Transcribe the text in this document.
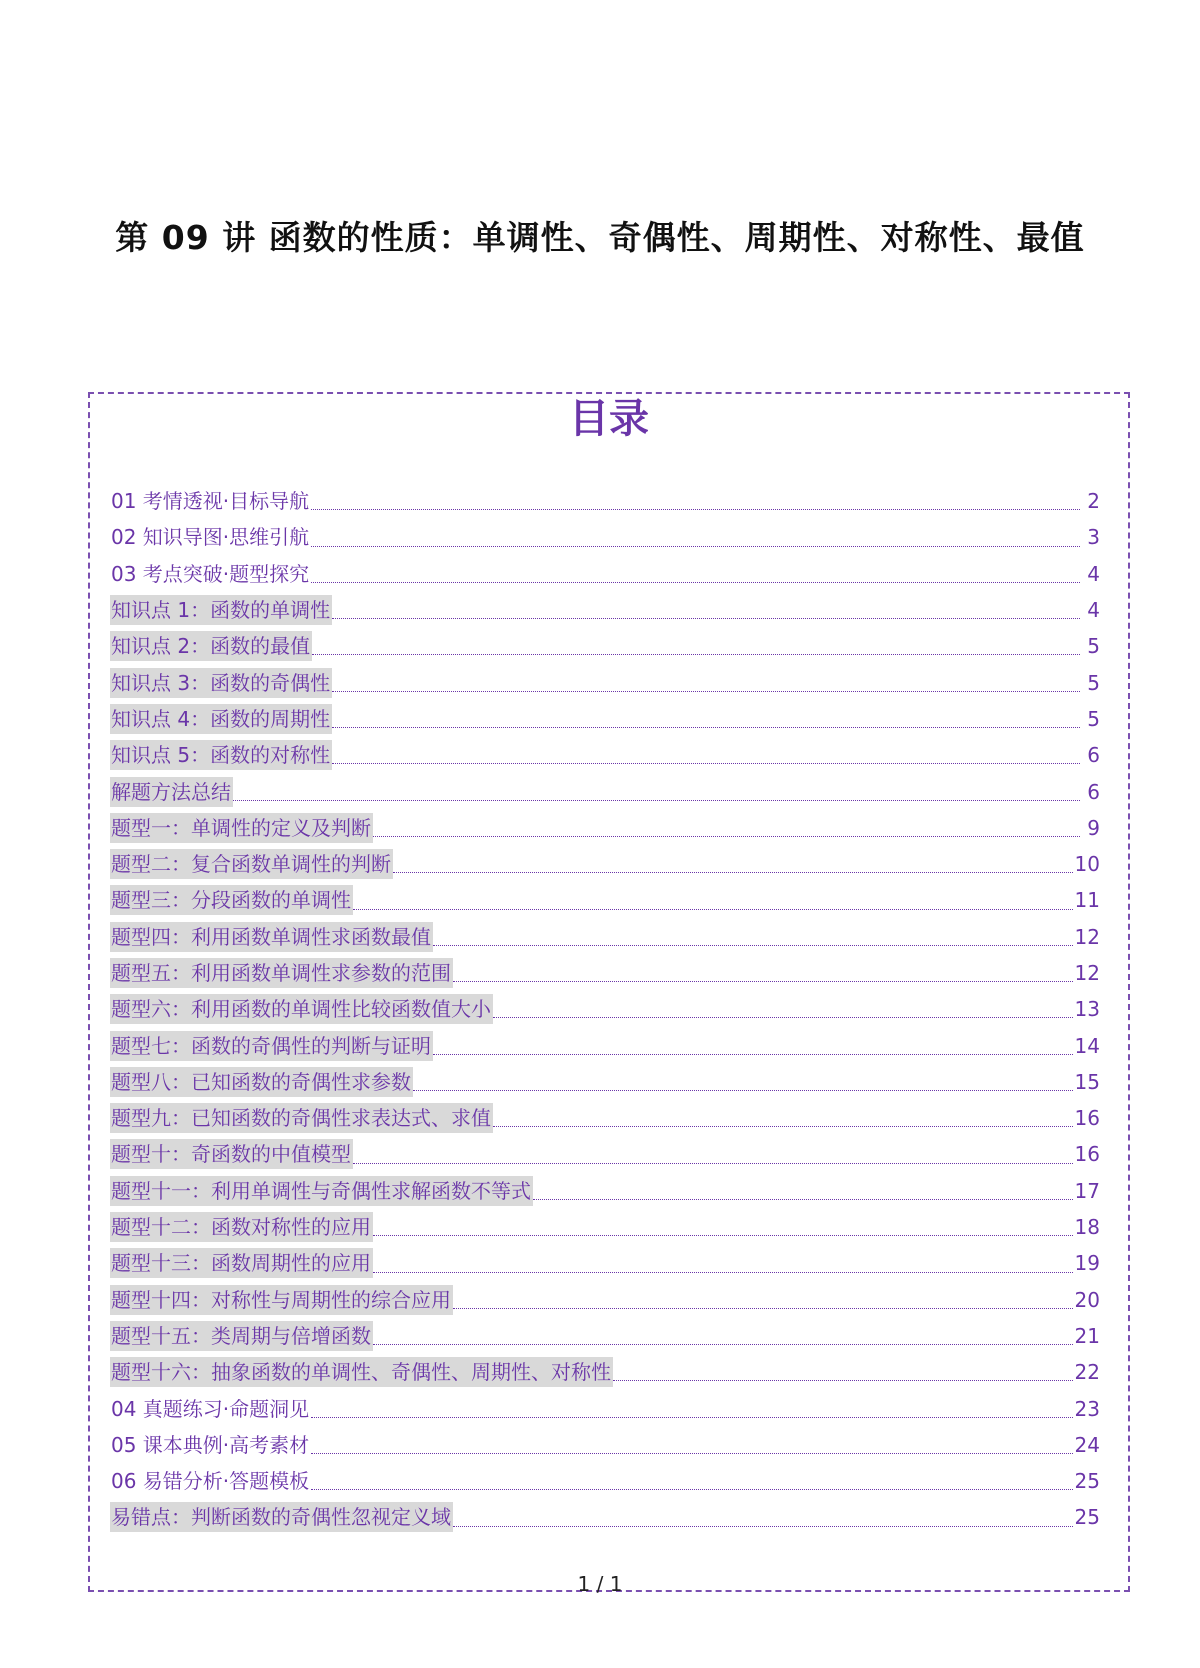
第 09 讲 函数的性质：单调性、奇偶性、周期性、对称性、最值
目录
01 考情透视·目标导航	2
02 知识导图·思维引航	3
03 考点突破·题型探究	4
知识点 1：函数的单调性	4
知识点 2：函数的最值	5
知识点 3：函数的奇偶性	5
知识点 4：函数的周期性	5
知识点 5：函数的对称性	6
解题方法总结	6
题型一：单调性的定义及判断	9
题型二：复合函数单调性的判断	10
题型三：分段函数的单调性	11
题型四：利用函数单调性求函数最值	12
题型五：利用函数单调性求参数的范围	12
题型六：利用函数的单调性比较函数值大小	13
题型七：函数的奇偶性的判断与证明	14
题型八：已知函数的奇偶性求参数	15
题型九：已知函数的奇偶性求表达式、求值	16
题型十：奇函数的中值模型	16
题型十一：利用单调性与奇偶性求解函数不等式	17
题型十二：函数对称性的应用	18
题型十三：函数周期性的应用	19
题型十四：对称性与周期性的综合应用	20
题型十五：类周期与倍增函数	21
题型十六：抽象函数的单调性、奇偶性、周期性、对称性	22
04 真题练习·命题洞见	23
05 课本典例·高考素材	24
06 易错分析·答题模板	25
易错点：判断函数的奇偶性忽视定义域	25
1 / 1
